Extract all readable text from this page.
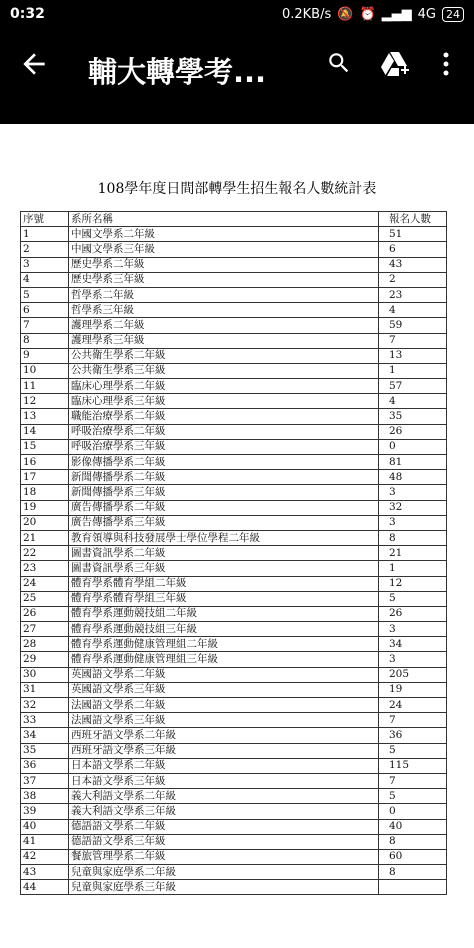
0:32	0.2KB/s 🔕 ⏰ ▂▄▆ 4G 24
輔大轉學考...
108學年度日間部轉學生招生報名人數統計表
序號	系所名稱	報名人數
1	中國文學系二年級	51
2	中國文學系三年級	6
3	歷史學系二年級	43
4	歷史學系三年級	2
5	哲學系二年級	23
6	哲學系三年級	4
7	護理學系二年級	59
8	護理學系三年級	7
9	公共衛生學系二年級	13
10	公共衛生學系三年級	1
11	臨床心理學系二年級	57
12	臨床心理學系三年級	4
13	職能治療學系二年級	35
14	呼吸治療學系二年級	26
15	呼吸治療學系三年級	0
16	影像傳播學系二年級	81
17	新聞傳播學系二年級	48
18	新聞傳播學系三年級	3
19	廣告傳播學系二年級	32
20	廣告傳播學系三年級	3
21	教育領導與科技發展學士學位學程二年級	8
22	圖書資訊學系二年級	21
23	圖書資訊學系三年級	1
24	體育學系體育學組二年級	12
25	體育學系體育學組三年級	5
26	體育學系運動競技組二年級	26
27	體育學系運動競技組三年級	3
28	體育學系運動健康管理組二年級	34
29	體育學系運動健康管理組三年級	3
30	英國語文學系二年級	205
31	英國語文學系三年級	19
32	法國語文學系二年級	24
33	法國語文學系三年級	7
34	西班牙語文學系二年級	36
35	西班牙語文學系三年級	5
36	日本語文學系二年級	115
37	日本語文學系三年級	7
38	義大利語文學系二年級	5
39	義大利語文學系三年級	0
40	德語語文學系二年級	40
41	德語語文學系三年級	8
42	餐旅管理學系二年級	60
43	兒童與家庭學系二年級	8
44	兒童與家庭學系三年級	
